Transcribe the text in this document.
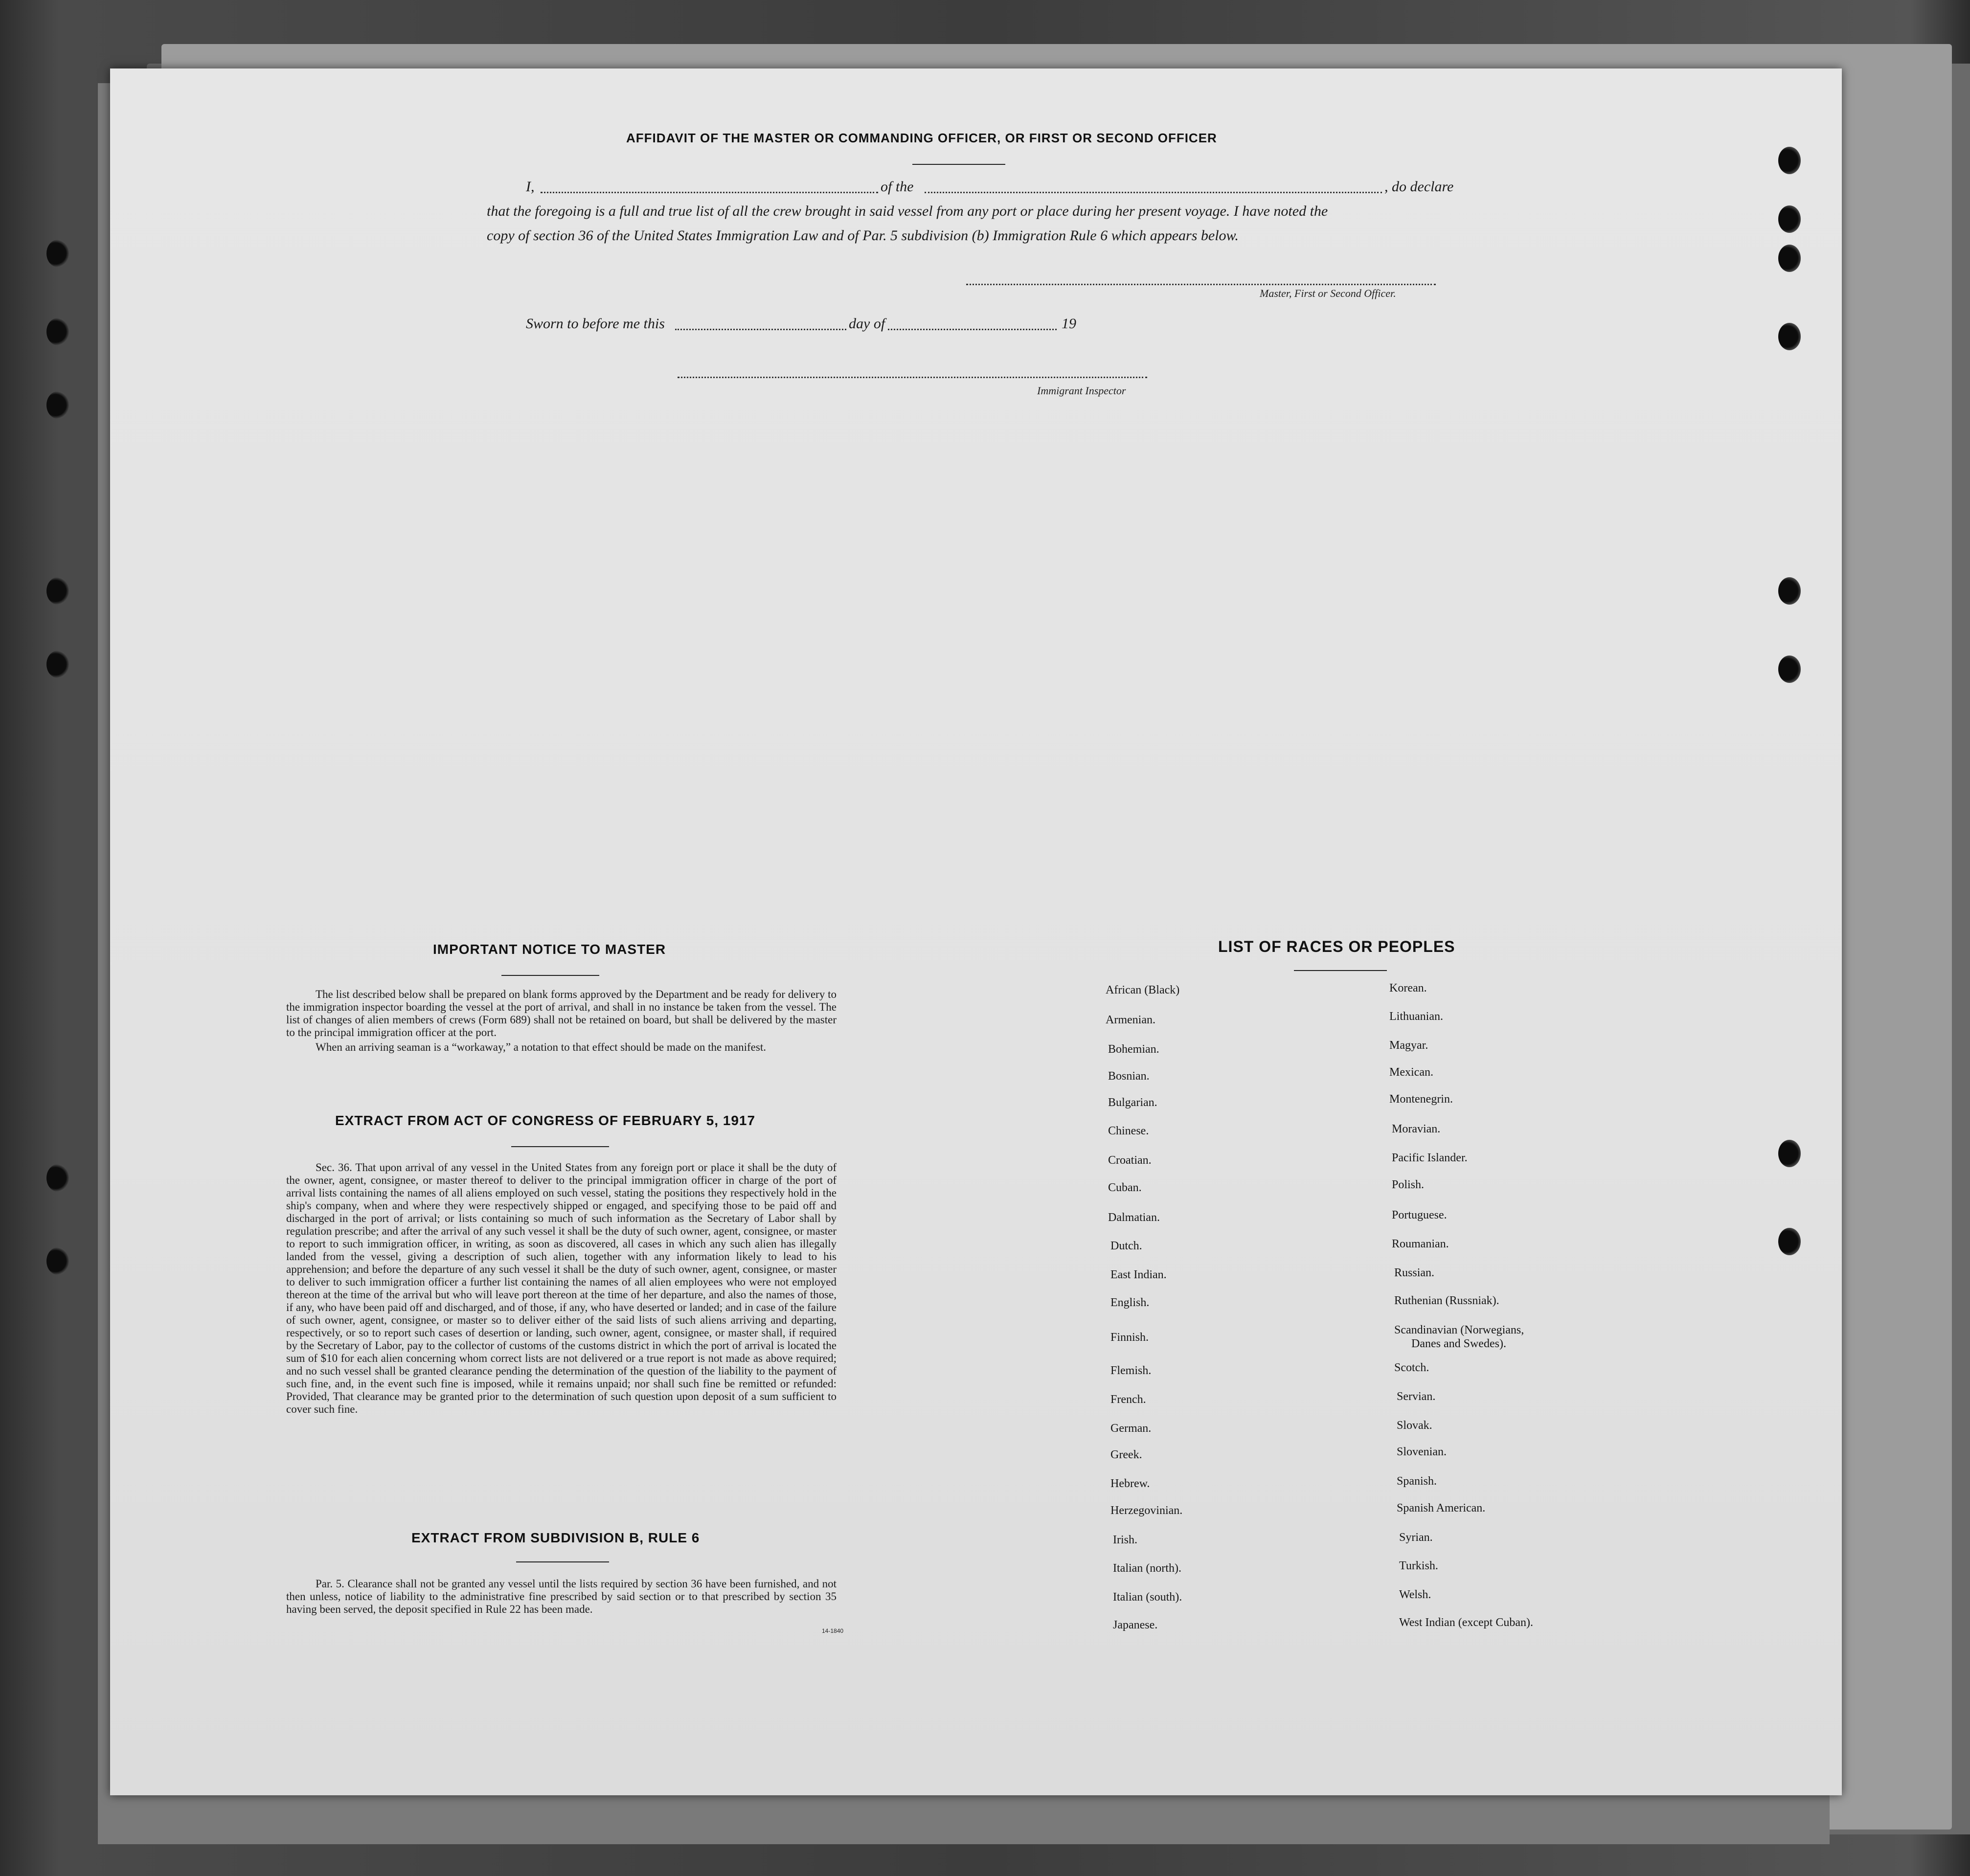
AFFIDAVIT OF THE MASTER OR COMMANDING OFFICER, OR FIRST OR SECOND OFFICER
I,	of the	, do declare
that the foregoing is a full and true list of all the crew brought in said vessel from any port or place during her present voyage. I have noted the
copy of section 36 of the United States Immigration Law and of Par. 5 subdivision (b) Immigration Rule 6 which appears below.
Master, First or Second Officer.
Sworn to before me this	day of	19
Immigrant Inspector
IMPORTANT NOTICE TO MASTER
The list described below shall be prepared on blank forms approved by the Department and be ready for delivery to the immigration inspector boarding the vessel at the port of arrival, and shall in no instance be taken from the vessel. The list of changes of alien members of crews (Form 689) shall not be retained on board, but shall be delivered by the master to the principal immigration officer at the port.
When an arriving seaman is a “workaway,” a notation to that effect should be made on the manifest.
EXTRACT FROM ACT OF CONGRESS OF FEBRUARY 5, 1917
Sec. 36. That upon arrival of any vessel in the United States from any foreign port or place it shall be the duty of the owner, agent, consignee, or master thereof to deliver to the principal immigration officer in charge of the port of arrival lists containing the names of all aliens employed on such vessel, stating the positions they respectively hold in the ship's company, when and where they were respectively shipped or engaged, and specifying those to be paid off and discharged in the port of arrival; or lists containing so much of such information as the Secretary of Labor shall by regulation prescribe; and after the arrival of any such vessel it shall be the duty of such owner, agent, consignee, or master to report to such immigration officer, in writing, as soon as discovered, all cases in which any such alien has illegally landed from the vessel, giving a description of such alien, together with any information likely to lead to his apprehension; and before the departure of any such vessel it shall be the duty of such owner, agent, consignee, or master to deliver to such immigration officer a further list containing the names of all alien employees who were not employed thereon at the time of the arrival but who will leave port thereon at the time of her departure, and also the names of those, if any, who have been paid off and discharged, and of those, if any, who have deserted or landed; and in case of the failure of such owner, agent, consignee, or master so to deliver either of the said lists of such aliens arriving and departing, respectively, or so to report such cases of desertion or landing, such owner, agent, consignee, or master shall, if required by the Secretary of Labor, pay to the collector of customs of the customs district in which the port of arrival is located the sum of $10 for each alien concerning whom correct lists are not delivered or a true report is not made as above required; and no such vessel shall be granted clearance pending the determination of the question of the liability to the payment of such fine, and, in the event such fine is imposed, while it remains unpaid; nor shall such fine be remitted or refunded: Provided, That clearance may be granted prior to the determination of such question upon deposit of a sum sufficient to cover such fine.
EXTRACT FROM SUBDIVISION B, RULE 6
Par. 5. Clearance shall not be granted any vessel until the lists required by section 36 have been furnished, and not then unless, notice of liability to the administrative fine prescribed by said section or to that prescribed by section 35 having been served, the deposit specified in Rule 22 has been made.
14-1840
LIST OF RACES OR PEOPLES
African (Black)
Armenian.
Bohemian.
Bosnian.
Bulgarian.
Chinese.
Croatian.
Cuban.
Dalmatian.
Dutch.
East Indian.
English.
Finnish.
Flemish.
French.
German.
Greek.
Hebrew.
Herzegovinian.
Irish.
Italian (north).
Italian (south).
Japanese.
Korean.
Lithuanian.
Magyar.
Mexican.
Montenegrin.
Moravian.
Pacific Islander.
Polish.
Portuguese.
Roumanian.
Russian.
Ruthenian (Russniak).
Scandinavian (Norwegians,
Danes and Swedes).
Scotch.
Servian.
Slovak.
Slovenian.
Spanish.
Spanish American.
Syrian.
Turkish.
Welsh.
West Indian (except Cuban).
